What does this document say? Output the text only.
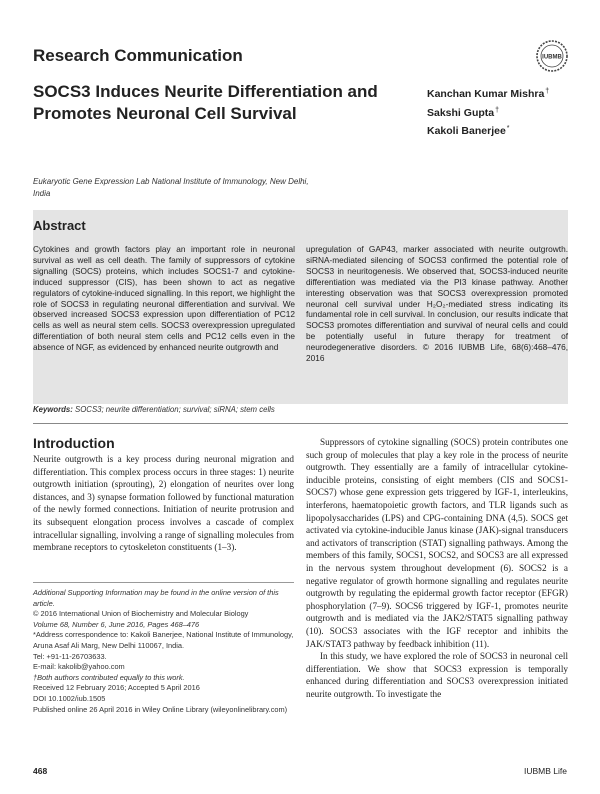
Research Communication	IUBMB
SOCS3 Induces Neurite Differentiation and Promotes Neuronal Cell Survival
Kanchan Kumar Mishra†
Sakshi Gupta†
Kakoli Banerjee*
Eukaryotic Gene Expression Lab National Institute of Immunology, New Delhi, India
Abstract
Cytokines and growth factors play an important role in neuronal survival as well as cell death. The family of suppressors of cytokine signalling (SOCS) proteins, which includes SOCS1-7 and cytokine-induced suppressor (CIS), has been shown to act as negative regulators of cytokine-induced signalling. In this report, we highlight the role of SOCS3 in regulating neuronal differentiation and survival. We observed increased SOCS3 expression upon differentiation of PC12 cells as well as neural stem cells. SOCS3 overexpression upregulated differentiation of both neural stem cells and PC12 cells even in the absence of NGF, as evidenced by enhanced neurite outgrowth and
upregulation of GAP43, marker associated with neurite outgrowth. siRNA-mediated silencing of SOCS3 confirmed the potential role of SOCS3 in neuritogenesis. We observed that, SOCS3-induced neurite differentiation was mediated via the PI3 kinase pathway. Another interesting observation was that SOCS3 overexpression promoted neuronal cell survival under H₂O₂-mediated stress indicating its fundamental role in cell survival. In conclusion, our results indicate that SOCS3 promotes differentiation and survival of neural cells and could be potentially useful in future therapy for treatment of neurodegenerative disorders. © 2016 IUBMB Life, 68(6):468–476, 2016
Keywords: SOCS3; neurite differentiation; survival; siRNA; stem cells
Introduction
Neurite outgrowth is a key process during neuronal migration and differentiation. This complex process occurs in three stages: 1) neurite outgrowth initiation (sprouting), 2) elongation of neurites over long distances, and 3) synapse formation followed by functional maturation of the newly formed connections. Initiation of neurite protrusion and its subsequent elongation process involves a cascade of complex intracellular signalling, involving a range of signalling molecules from membrane receptors to cytoskeleton constituents (1–3).

Suppressors of cytokine signalling (SOCS) protein contributes one such group of molecules that play a key role in the process of neurite outgrowth. They essentially are a family of intracellular cytokine-inducible proteins, consisting of eight members (CIS and SOCS1-SOCS7) whose gene expression gets triggered by IGF-1, interleukins, interferons, haematopoietic growth factors, and TLR ligands such as lipopolysaccharides (LPS) and CPG-containing DNA (4,5). SOCS get activated via cytokine-inducible Janus kinase (JAK)-signal transducers and activators of transcription (STAT) signalling pathways. Among the members of this family, SOCS1, SOCS2, and SOCS3 are all expressed in the nervous system throughout development (6). SOCS2 is a negative regulator of growth hormone signalling and regulates neurite outgrowth by regulating the epidermal growth factor receptor (EFGR) phosphorylation (7–9). SOCS6 triggered by IGF-1, promotes neurite outgrowth and is mediated via the JAK2/STAT5 signalling pathway (10). SOCS3 associates with the IGF receptor and inhibits the JAK/STAT3 pathway by feedback inhibition (11).

In this study, we have explored the role of SOCS3 in neuronal cell differentiation. We show that SOCS3 expression is temporally enhanced during differentiation and SOCS3 overexpression initiated neurite outgrowth. To investigate the

Additional Supporting Information may be found in the online version of this article.
© 2016 International Union of Biochemistry and Molecular Biology
Volume 68, Number 6, June 2016, Pages 468–476
*Address correspondence to: Kakoli Banerjee, National Institute of Immunology, Aruna Asaf Ali Marg, New Delhi 110067, India.
Tel: +91-11-26703633.
E-mail: kakolib@yahoo.com
†Both authors contributed equally to this work.
Received 12 February 2016; Accepted 5 April 2016
DOI 10.1002/iub.1505
Published online 26 April 2016 in Wiley Online Library (wileyonlinelibrary.com)
468	IUBMB Life
